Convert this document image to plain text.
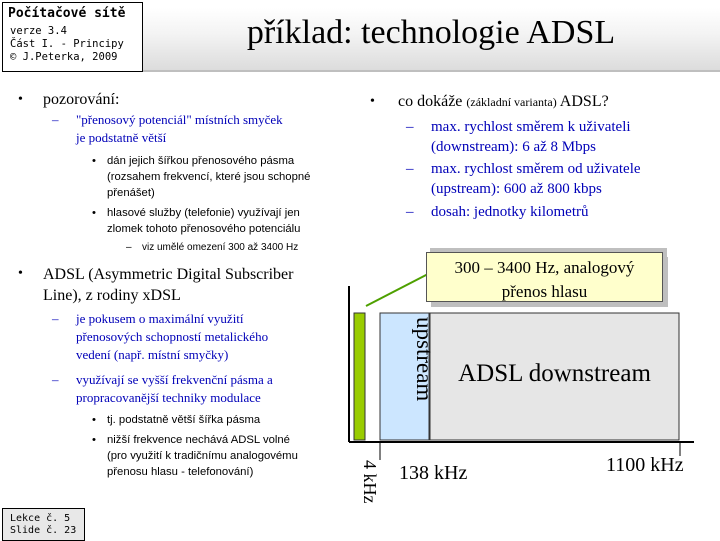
příklad: technologie ADSL
Počítačové sítě
verze 3.4
Část I. - Principy
© J.Peterka, 2009
• pozorování:
– "přenosový potenciál" místních smyček
je podstatně větší
• dán jejich šířkou přenosového pásma
(rozsahem frekvencí, které jsou schopné
přenášet)
• hlasové služby (telefonie) využívají jen
zlomek tohoto přenosového potenciálu
– viz umělé omezení 300 až 3400 Hz
• ADSL (Asymmetric Digital Subscriber
Line), z rodiny xDSL
– je pokusem o maximální využití
přenosových schopností metalického
vedení (např. místní smyčky)
– využívají se vyšší frekvenční pásma a
propracovanější techniky modulace
• tj. podstatně větší šířka pásma
• nižší frekvence nechává ADSL volné
(pro využití k tradičnímu analogovému
přenosu hlasu - telefonování)
• co dokáže (základní varianta) ADSL?
– max. rychlost směrem k uživateli
(downstream): 6 až 8 Mbps
– max. rychlost směrem od uživatele
(upstream): 600 až 800 kbps
– dosah: jednotky kilometrů
300 – 3400 Hz, analogový
přenos hlasu
ADSL downstream
upstream
4 kHz 138 kHz	1100 kHz
Lekce č. 5
Slide č. 23
